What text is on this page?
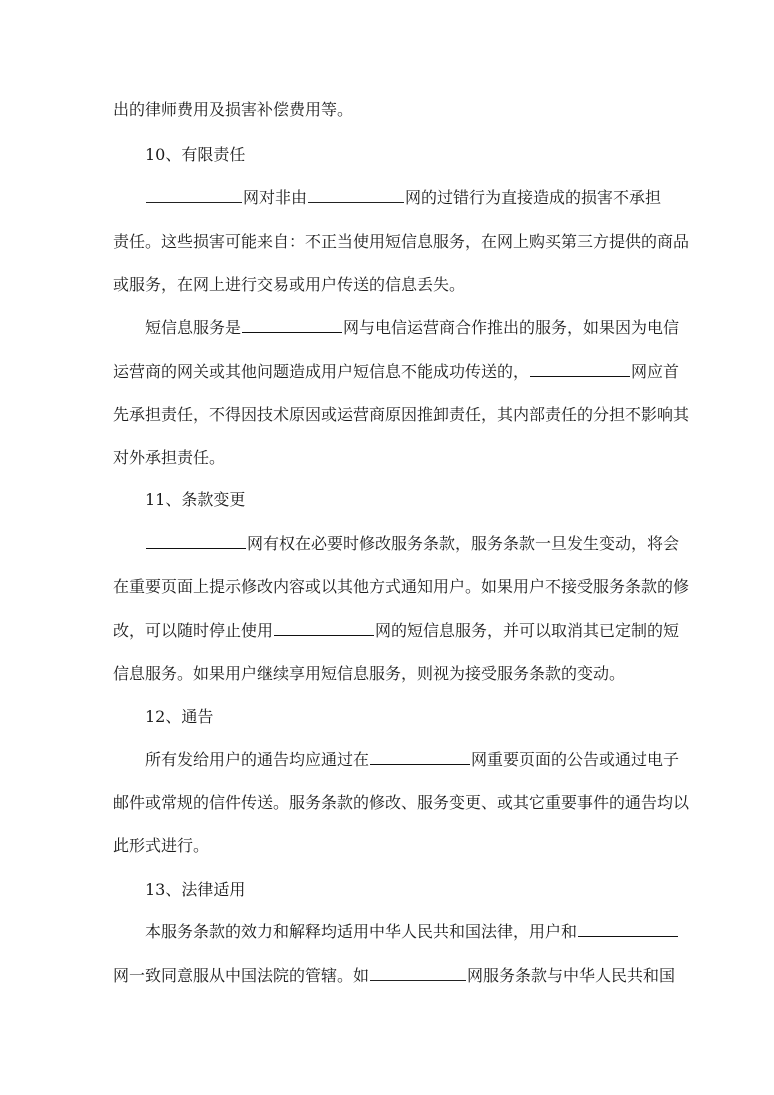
出的律师费用及损害补偿费用等。
10、有限责任
网对非由	网的过错行为直接造成的损害不承担
责任。这些损害可能来自：不正当使用短信息服务，在网上购买第三方提供的商品
或服务，在网上进行交易或用户传送的信息丢失。
短信息服务是	网与电信运营商合作推出的服务，如果因为电信
运营商的网关或其他问题造成用户短信息不能成功传送的，	网应首
先承担责任，不得因技术原因或运营商原因推卸责任，其内部责任的分担不影响其
对外承担责任。
11、条款变更
网有权在必要时修改服务条款，服务条款一旦发生变动，将会
在重要页面上提示修改内容或以其他方式通知用户。如果用户不接受服务条款的修
改，可以随时停止使用	网的短信息服务，并可以取消其已定制的短
信息服务。如果用户继续享用短信息服务，则视为接受服务条款的变动。
12、通告
所有发给用户的通告均应通过在	网重要页面的公告或通过电子
邮件或常规的信件传送。服务条款的修改、服务变更、或其它重要事件的通告均以
此形式进行。
13、法律适用
本服务条款的效力和解释均适用中华人民共和国法律，用户和
网一致同意服从中国法院的管辖。如	网服务条款与中华人民共和国
